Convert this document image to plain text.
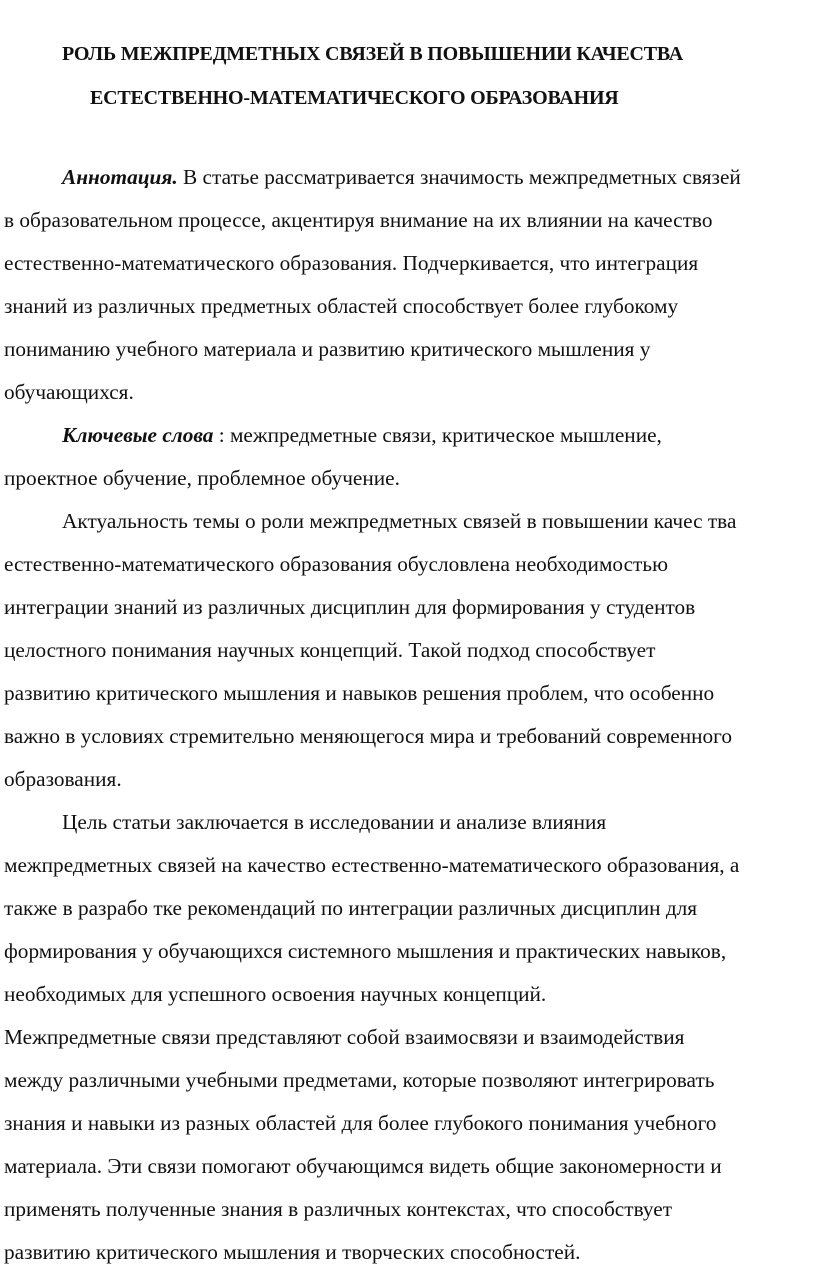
РОЛЬ МЕЖПРЕДМЕТНЫХ СВЯЗЕЙ В ПОВЫШЕНИИ КАЧЕСТВА
ЕСТЕСТВЕННО-МАТЕМАТИЧЕСКОГО ОБРАЗОВАНИЯ
Аннотация. В статье рассматривается значимость межпредметных связей
в образовательном процессе, акцентируя внимание на их влиянии на качество
естественно-математического образования. Подчеркивается, что интеграция
знаний из различных предметных областей способствует более глубокому
пониманию учебного материала и развитию критического мышления у
обучающихся.
Ключевые слова : межпредметные связи, критическое мышление,
проектное обучение, проблемное обучение.
Актуальность темы о роли межпредметных связей в повышении качес тва
естественно-математического образования обусловлена необходимостью
интеграции знаний из различных дисциплин для формирования у студентов
целостного понимания научных концепций. Такой подход способствует
развитию критического мышления и навыков решения проблем, что особенно
важно в условиях стремительно меняющегося мира и требований современного
образования.
Цель статьи заключается в исследовании и анализе влияния
межпредметных связей на качество естественно-математического образования, а
также в разрабо тке рекомендаций по интеграции различных дисциплин для
формирования у обучающихся системного мышления и практических навыков,
необходимых для успешного освоения научных концепций.
Межпредметные связи представляют собой взаимосвязи и взаимодействия
между различными учебными предметами, которые позволяют интегрировать
знания и навыки из разных областей для более глубокого понимания учебного
материала. Эти связи помогают обучающимся видеть общие закономерности и
применять полученные знания в различных контекстах, что способствует
развитию критического мышления и творческих способностей.
